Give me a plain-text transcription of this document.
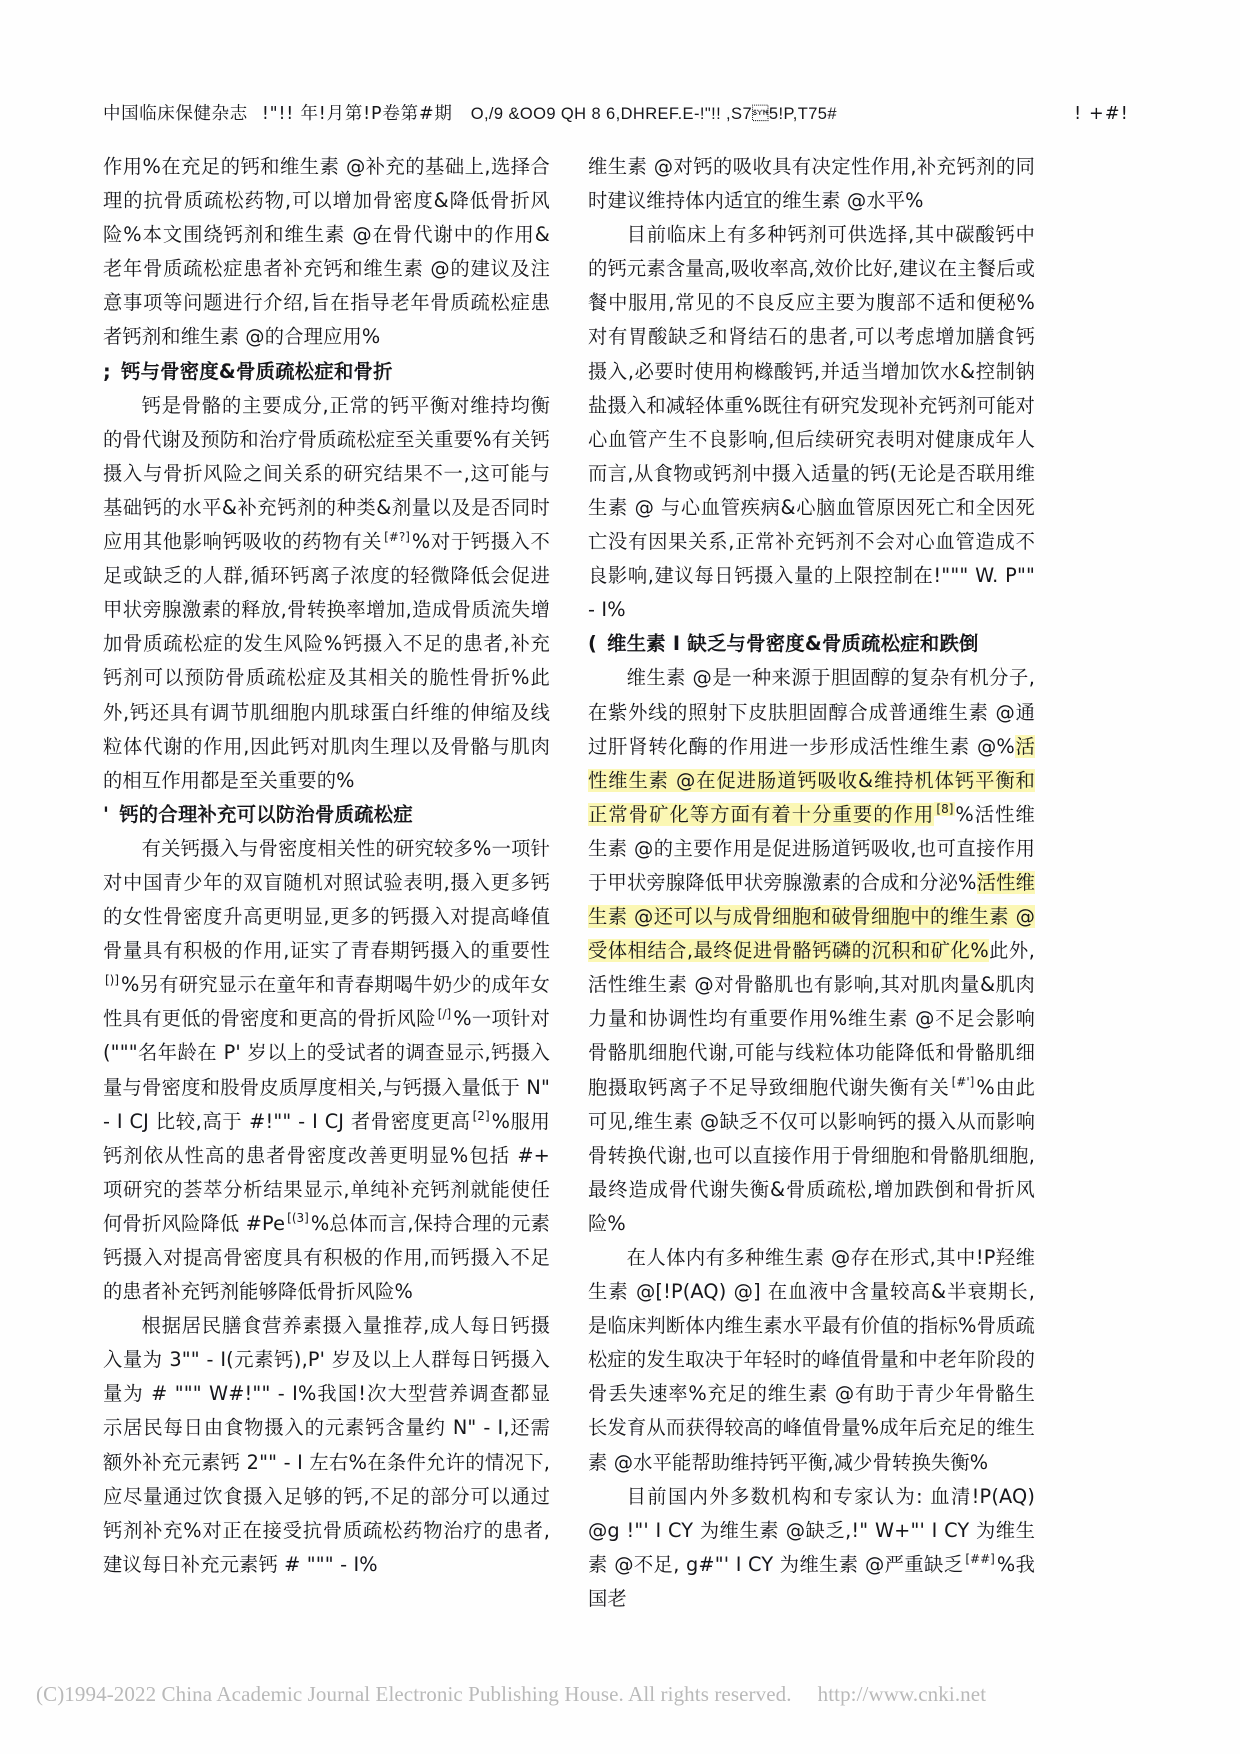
中国临床保健杂志 !"!! 年!月第!P卷第#期 O,/9 &OO9 QH 8 6,DHREF.E-!"!! ,S75!P,T75#	! +#!

作用%在充足的钙和维生素 @补充的基础上,选择合理的抗骨质疏松药物,可以增加骨密度&降低骨折风险%本文围绕钙剂和维生素 @在骨代谢中的作用&老年骨质疏松症患者补充钙和维生素 @的建议及注意事项等问题进行介绍,旨在指导老年骨质疏松症患者钙剂和维生素 @的合理应用%

; 钙与骨密度&骨质疏松症和骨折

钙是骨骼的主要成分,正常的钙平衡对维持均衡的骨代谢及预防和治疗骨质疏松症至关重要%有关钙摄入与骨折风险之间关系的研究结果不一,这可能与基础钙的水平&补充钙剂的种类&剂量以及是否同时应用其他影响钙吸收的药物有关 [#?] %对于钙摄入不足或缺乏的人群,循环钙离子浓度的轻微降低会促进甲状旁腺激素的释放,骨转换率增加,造成骨质流失增加骨质疏松症的发生风险%钙摄入不足的患者,补充钙剂可以预防骨质疏松症及其相关的脆性骨折%此外,钙还具有调节肌细胞内肌球蛋白纤维的伸缩及线粒体代谢的作用,因此钙对肌肉生理以及骨骼与肌肉的相互作用都是至关重要的%

' 钙的合理补充可以防治骨质疏松症

有关钙摄入与骨密度相关性的研究较多%一项针对中国青少年的双盲随机对照试验表明,摄入更多钙的女性骨密度升高更明显,更多的钙摄入对提高峰值骨量具有积极的作用,证实了青春期钙摄入的重要性[)] %另有研究显示在童年和青春期喝牛奶少的成年女性具有更低的骨密度和更高的骨折风险 [/] %一项针对("""名年龄在 P' 岁以上的受试者的调查显示,钙摄入量与骨密度和股骨皮质厚度相关,与钙摄入量低于 N" - I CJ 比较,高于 #!"" - I CJ 者骨密度更高 [2] %服用钙剂依从性高的患者骨密度改善更明显%包括 #+ 项研究的荟萃分析结果显示,单纯补充钙剂就能使任何骨折风险降低 #Pe [(3] %总体而言,保持合理的元素钙摄入对提高骨密度具有积极的作用,而钙摄入不足的患者补充钙剂能够降低骨折风险%

根据居民膳食营养素摄入量推荐,成人每日钙摄入量为 3"" - I(元素钙),P' 岁及以上人群每日钙摄入量为 # """ W#!"" - I%我国!次大型营养调查都显示居民每日由食物摄入的元素钙含量约 N" - I,还需额外补充元素钙 2"" - I 左右%在条件允许的情况下,应尽量通过饮食摄入足够的钙,不足的部分可以通过钙剂补充%对正在接受抗骨质疏松药物治疗的患者,建议每日补充元素钙 # """ - I%

维生素 @对钙的吸收具有决定性作用,补充钙剂的同时建议维持体内适宜的维生素 @水平%

目前临床上有多种钙剂可供选择,其中碳酸钙中的钙元素含量高,吸收率高,效价比好,建议在主餐后或餐中服用,常见的不良反应主要为腹部不适和便秘%对有胃酸缺乏和肾结石的患者,可以考虑增加膳食钙摄入,必要时使用枸橼酸钙,并适当增加饮水&控制钠盐摄入和减轻体重%既往有研究发现补充钙剂可能对心血管产生不良影响,但后续研究表明对健康成年人而言,从食物或钙剂中摄入适量的钙(无论是否联用维生素 @ 与心血管疾病&心脑血管原因死亡和全因死亡没有因果关系,正常补充钙剂不会对心血管造成不良影响,建议每日钙摄入量的上限控制在!""" W. P"" - I%

( 维生素 I 缺乏与骨密度&骨质疏松症和跌倒

维生素 @是一种来源于胆固醇的复杂有机分子,在紫外线的照射下皮肤胆固醇合成普通维生素 @通过肝肾转化酶的作用进一步形成活性维生素 @%活性维生素 @在促进肠道钙吸收&维持机体钙平衡和正常骨矿化等方面有着十分重要的作用 [8] %活性维生素 @的主要作用是促进肠道钙吸收,也可直接作用于甲状旁腺降低甲状旁腺激素的合成和分泌%活性维生素 @还可以与成骨细胞和破骨细胞中的维生素 @受体相结合,最终促进骨骼钙磷的沉积和矿化%此外,活性维生素 @对骨骼肌也有影响,其对肌肉量&肌肉力量和协调性均有重要作用%维生素 @不足会影响骨骼肌细胞代谢,可能与线粒体功能降低和骨骼肌细胞摄取钙离子不足导致细胞代谢失衡有关 [#'] %由此可见,维生素 @缺乏不仅可以影响钙的摄入从而影响骨转换代谢,也可以直接作用于骨细胞和骨骼肌细胞,最终造成骨代谢失衡&骨质疏松,增加跌倒和骨折风险%

在人体内有多种维生素 @存在形式,其中!P羟维生素 @[!P(AQ) @] 在血液中含量较高&半衰期长,是临床判断体内维生素水平最有价值的指标%骨质疏松症的发生取决于年轻时的峰值骨量和中老年阶段的骨丢失速率%充足的维生素 @有助于青少年骨骼生长发育从而获得较高的峰值骨量%成年后充足的维生素 @水平能帮助维持钙平衡,减少骨转换失衡%

目前国内外多数机构和专家认为: 血清!P(AQ) @g !"' I CY 为维生素 @缺乏,!" W+"' I CY 为维生素 @不足, g#"' I CY 为维生素 @严重缺乏 [##] %我国老

(C)1994-2022 China Academic Journal Electronic Publishing House. All rights reserved. http://www.cnki.net
